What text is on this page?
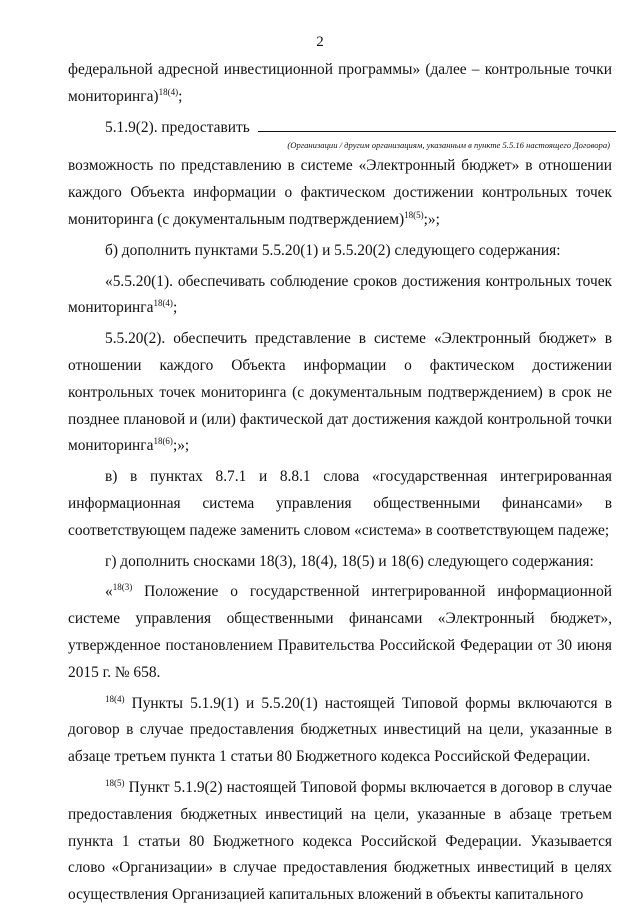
2

федеральной адресной инвестиционной программы» (далее – контрольные точки мониторинга)$^{18(4)}$;

5.1.9(2). предоставить

(Организации / другим организациям, указанным в пункте 5.5.16 настоящего Договора)

возможность по представлению в системе «Электронный бюджет» в отношении каждого Объекта информации о фактическом достижении контрольных точек мониторинга (с документальным подтверждением)$^{18(5)}$;»;

б) дополнить пунктами 5.5.20(1) и 5.5.20(2) следующего содержания:

«5.5.20(1). обеспечивать соблюдение сроков достижения контрольных точек мониторинга$^{18(4)}$;

5.5.20(2). обеспечить представление в системе «Электронный бюджет» в отношении каждого Объекта информации о фактическом достижении контрольных точек мониторинга (с документальным подтверждением) в срок не позднее плановой и (или) фактической дат достижения каждой контрольной точки мониторинга$^{18(6)}$;»;

в) в пунктах 8.7.1 и 8.8.1 слова «государственная интегрированная информационная система управления общественными финансами» в соответствующем падеже заменить словом «система» в соответствующем падеже;

г) дополнить сносками 18(3), 18(4), 18(5) и 18(6) следующего содержания:

«$^{18(3)}$ Положение о государственной интегрированной информационной системе управления общественными финансами «Электронный бюджет», утвержденное постановлением Правительства Российской Федерации от 30 июня 2015 г. № 658.

$^{18(4)}$ Пункты 5.1.9(1) и 5.5.20(1) настоящей Типовой формы включаются в договор в случае предоставления бюджетных инвестиций на цели, указанные в абзаце третьем пункта 1 статьи 80 Бюджетного кодекса Российской Федерации.

$^{18(5)}$ Пункт 5.1.9(2) настоящей Типовой формы включается в договор в случае предоставления бюджетных инвестиций на цели, указанные в абзаце третьем пункта 1 статьи 80 Бюджетного кодекса Российской Федерации. Указывается слово «Организации» в случае предоставления бюджетных инвестиций в целях осуществления Организацией капитальных вложений в объекты капитального
